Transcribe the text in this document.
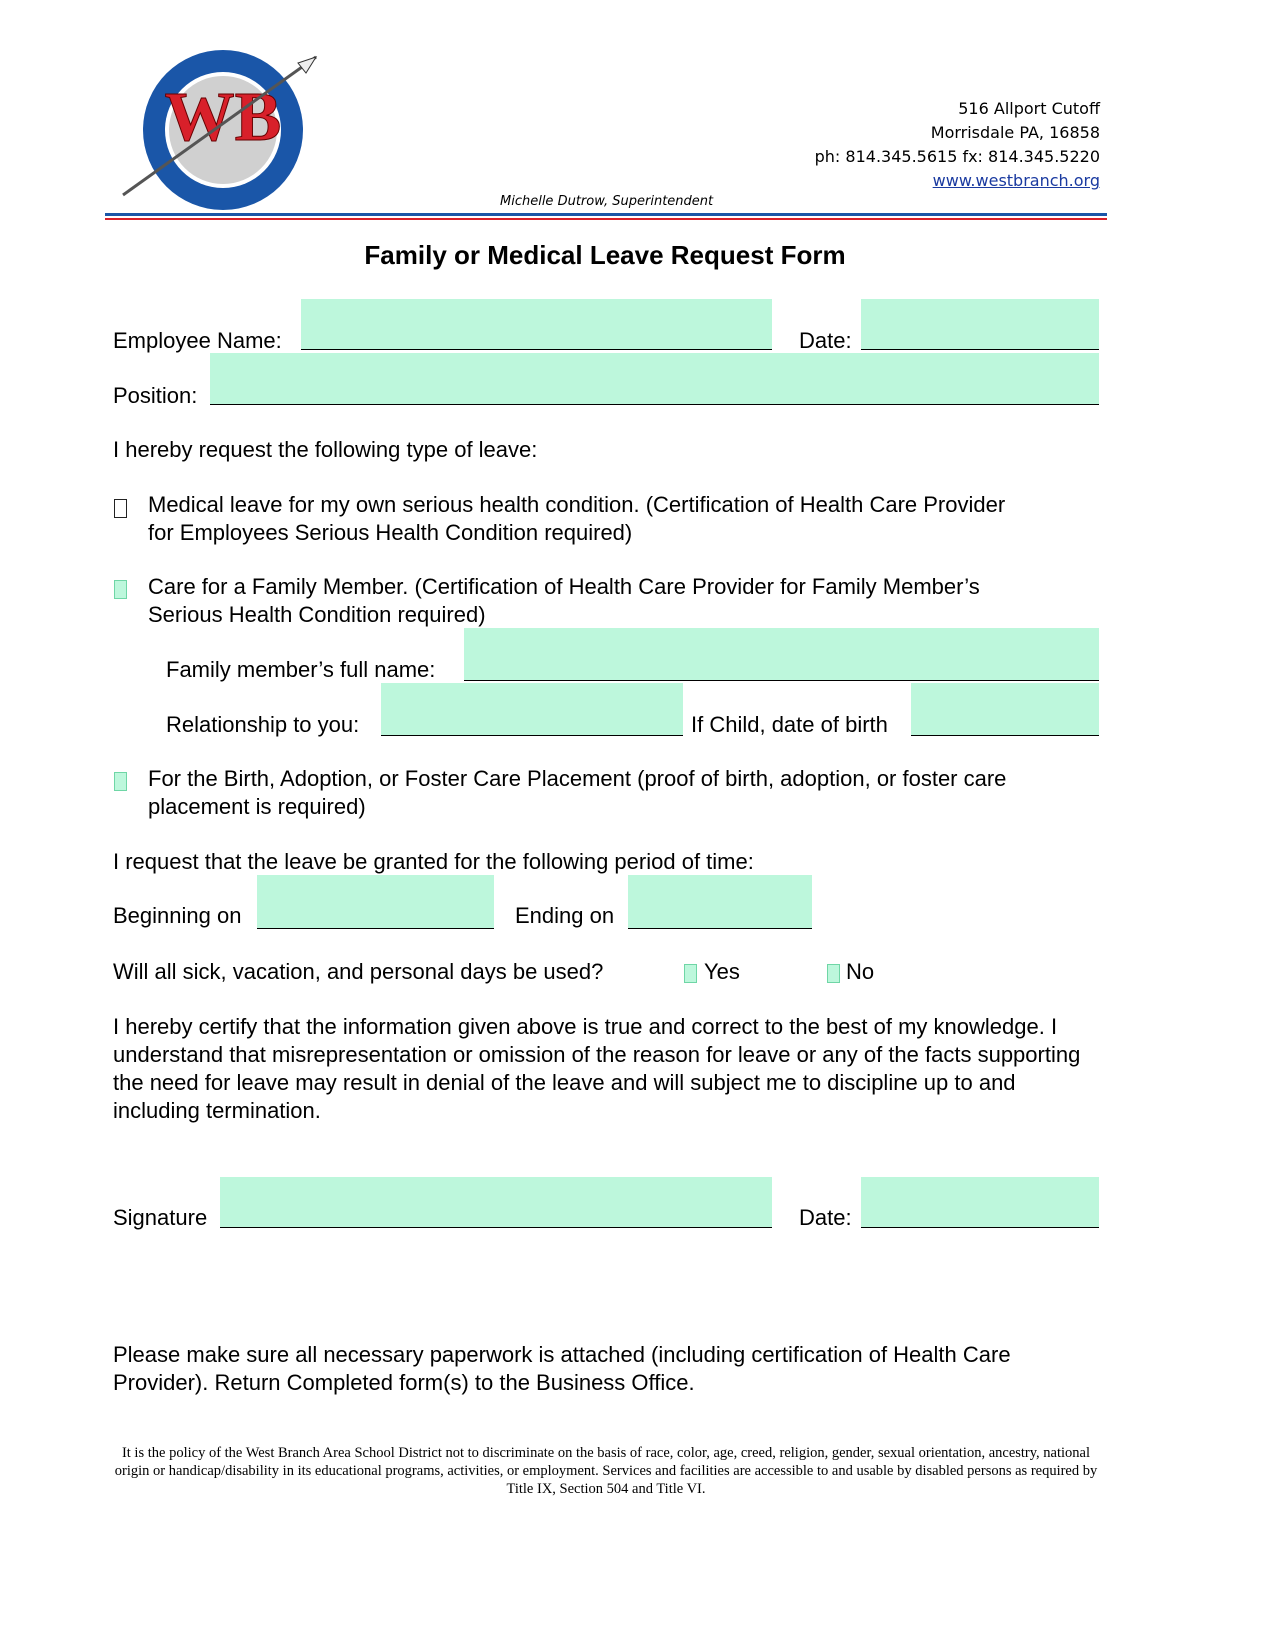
WB	516 Allport Cutoff
Morrisdale PA, 16858
ph: 814.345.5615 fx: 814.345.5220
www.westbranch.org
Michelle Dutrow, Superintendent
Family or Medical Leave Request Form
Employee Name:	Date:
Position:
I hereby request the following type of leave:
Medical leave for my own serious health condition. (Certification of Health Care Provider
for Employees Serious Health Condition required)
Care for a Family Member. (Certification of Health Care Provider for Family Member’s
Serious Health Condition required)
Family member’s full name:
Relationship to you:	If Child, date of birth
For the Birth, Adoption, or Foster Care Placement (proof of birth, adoption, or foster care
placement is required)
I request that the leave be granted for the following period of time:
Beginning on	Ending on
Will all sick, vacation, and personal days be used?	Yes	No
I hereby certify that the information given above is true and correct to the best of my knowledge. I understand that misrepresentation or omission of the reason for leave or any of the facts supporting the need for leave may result in denial of the leave and will subject me to discipline up to and including termination.
Signature	Date:
Please make sure all necessary paperwork is attached (including certification of Health Care Provider). Return Completed form(s) to the Business Office.
It is the policy of the West Branch Area School District not to discriminate on the basis of race, color, age, creed, religion, gender, sexual orientation, ancestry, national origin or handicap/disability in its educational programs, activities, or employment. Services and facilities are accessible to and usable by disabled persons as required by Title IX, Section 504 and Title VI.
